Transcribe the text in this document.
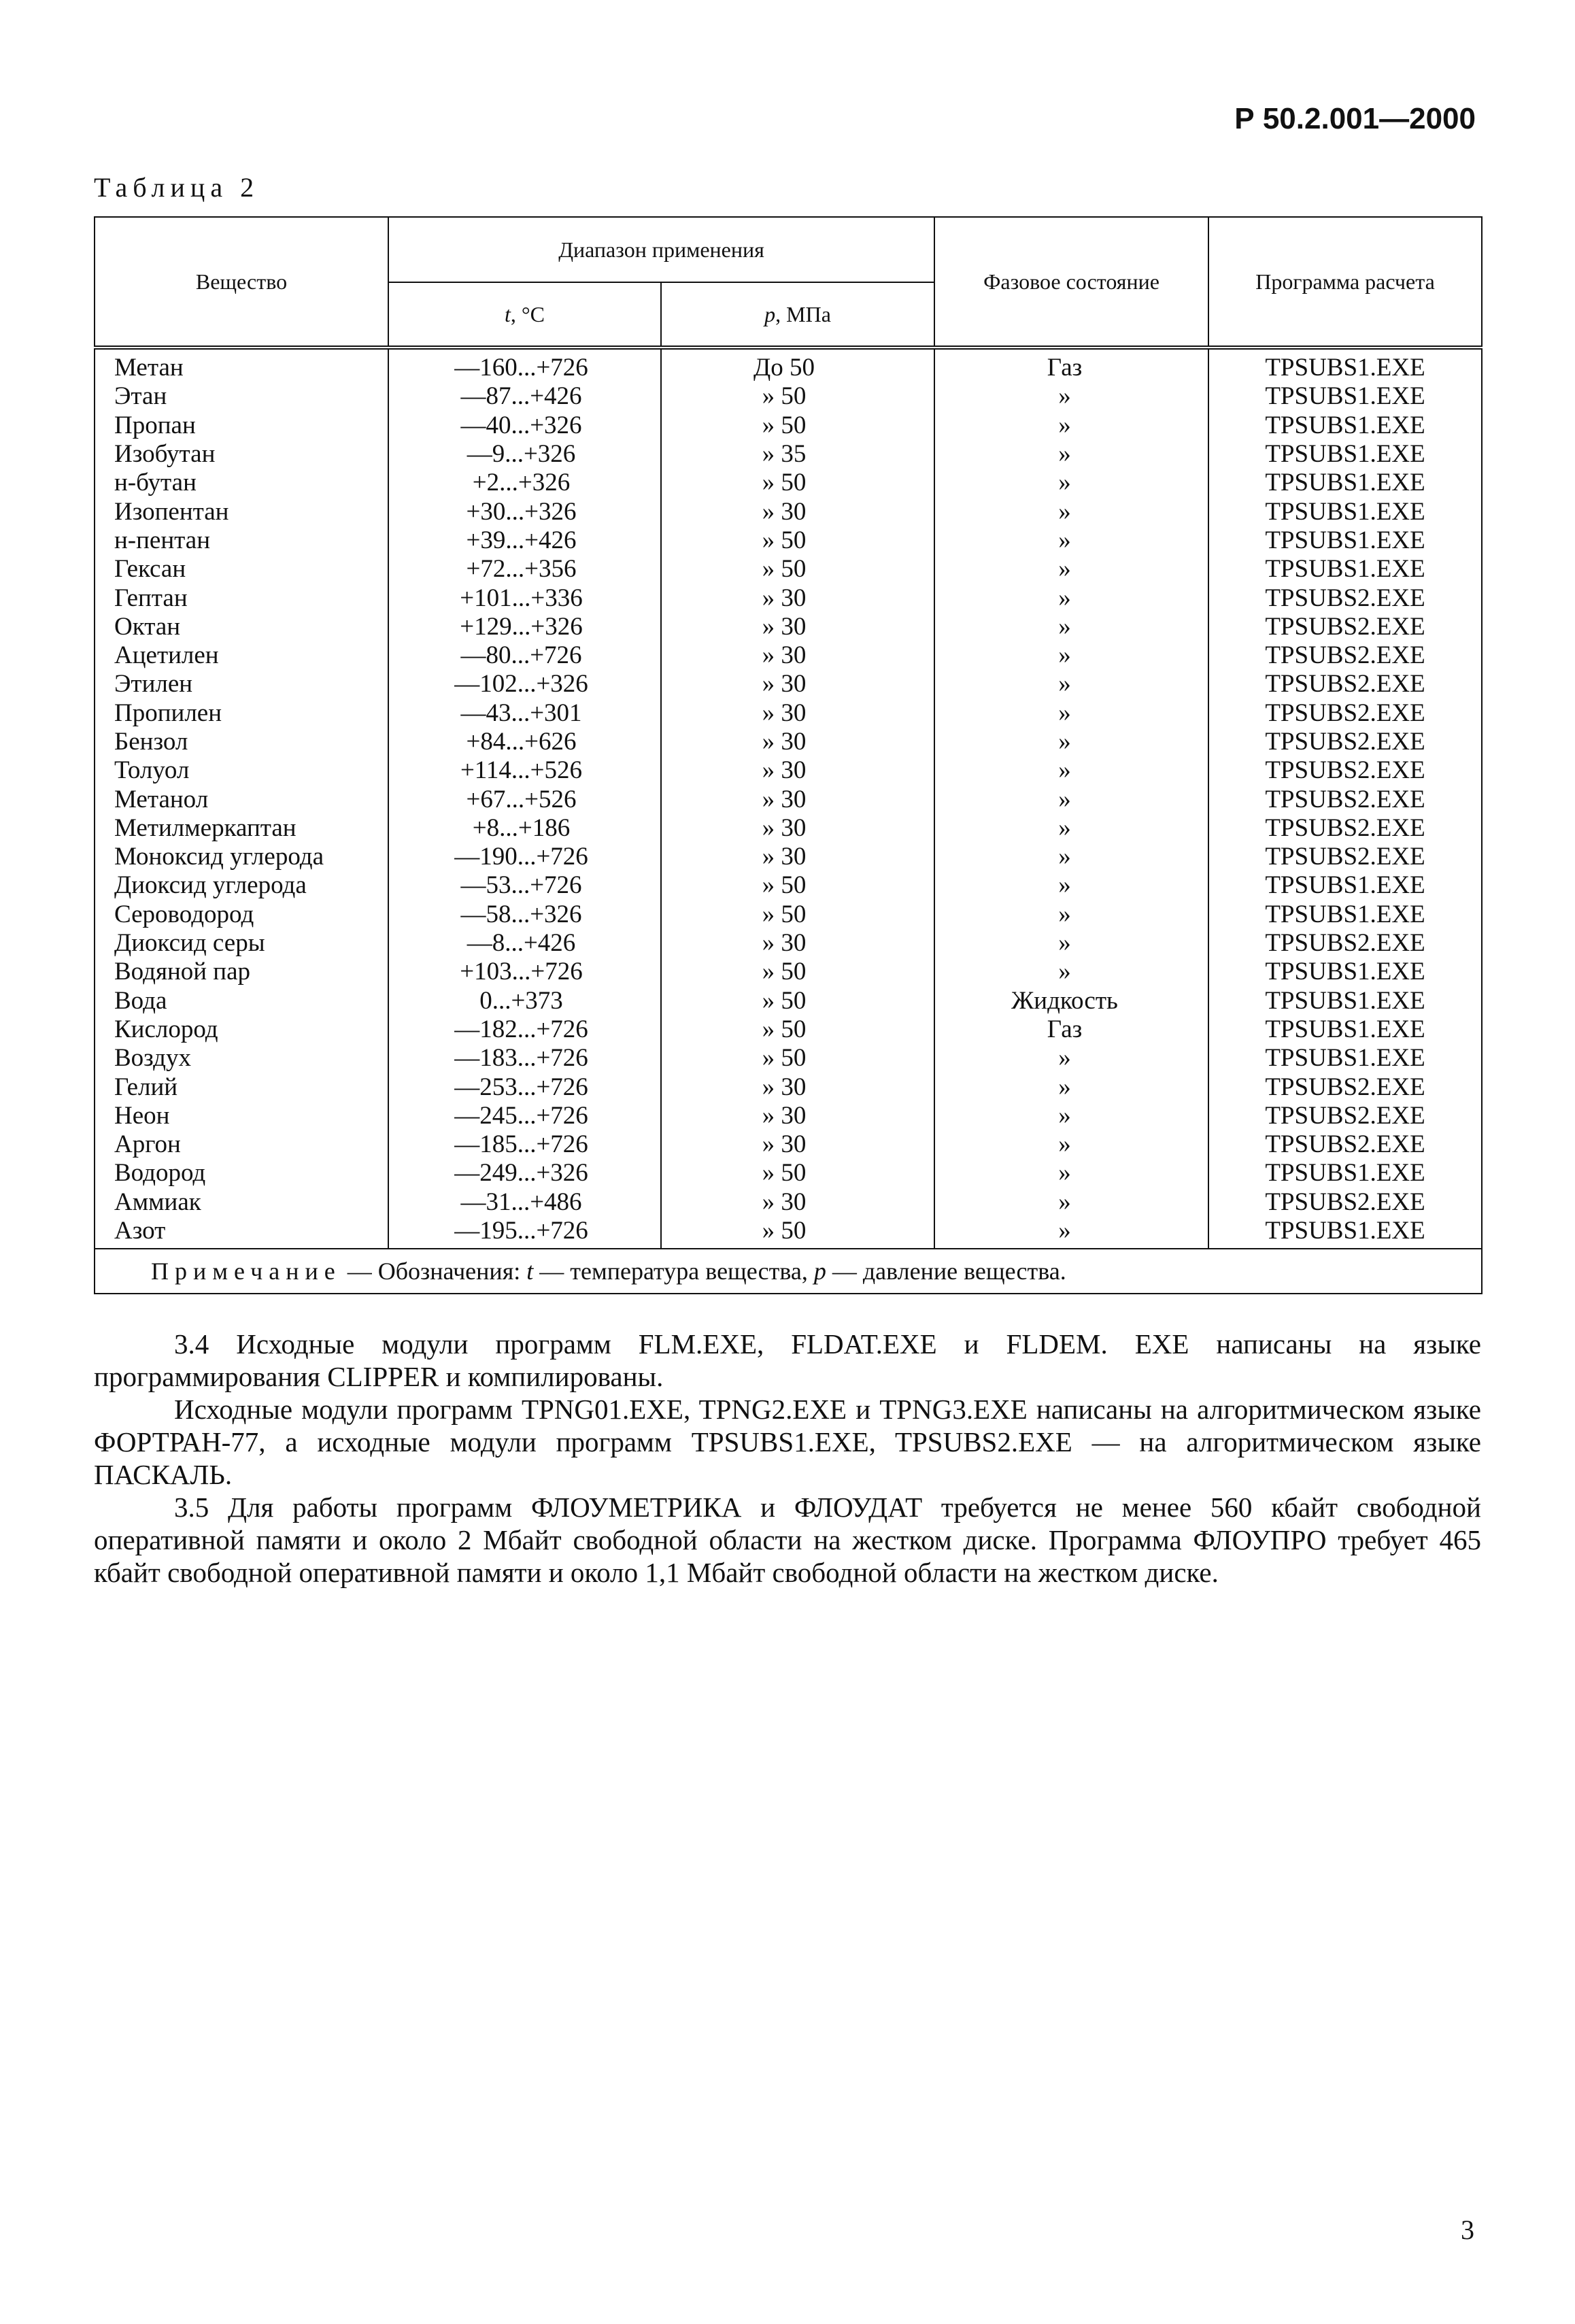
Р 50.2.001—2000
Таблица 2
Вещество	Диапазон применения		Фазовое состояние	Программа расчета
	t, °С	p, МПа		
Метан	—160...+726	До 50	Газ	TPSUBS1.EXE
Этан	—87...+426	» 50	»	TPSUBS1.EXE
Пропан	—40...+326	» 50	»	TPSUBS1.EXE
Изобутан	—9...+326	» 35	»	TPSUBS1.EXE
н-бутан	+2...+326	» 50	»	TPSUBS1.EXE
Изопентан	+30...+326	» 30	»	TPSUBS1.EXE
н-пентан	+39...+426	» 50	»	TPSUBS1.EXE
Гексан	+72...+356	» 50	»	TPSUBS1.EXE
Гептан	+101...+336	» 30	»	TPSUBS2.EXE
Октан	+129...+326	» 30	»	TPSUBS2.EXE
Ацетилен	—80...+726	» 30	»	TPSUBS2.EXE
Этилен	—102...+326	» 30	»	TPSUBS2.EXE
Пропилен	—43...+301	» 30	»	TPSUBS2.EXE
Бензол	+84...+626	» 30	»	TPSUBS2.EXE
Толуол	+114...+526	» 30	»	TPSUBS2.EXE
Метанол	+67...+526	» 30	»	TPSUBS2.EXE
Метилмеркаптан	+8...+186	» 30	»	TPSUBS2.EXE
Моноксид углерода	—190...+726	» 30	»	TPSUBS2.EXE
Диоксид углерода	—53...+726	» 50	»	TPSUBS1.EXE
Сероводород	—58...+326	» 50	»	TPSUBS1.EXE
Диоксид серы	—8...+426	» 30	»	TPSUBS2.EXE
Водяной пар	+103...+726	» 50	»	TPSUBS1.EXE
Вода	0...+373	» 50	Жидкость	TPSUBS1.EXE
Кислород	—182...+726	» 50	Газ	TPSUBS1.EXE
Воздух	—183...+726	» 50	»	TPSUBS1.EXE
Гелий	—253...+726	» 30	»	TPSUBS2.EXE
Неон	—245...+726	» 30	»	TPSUBS2.EXE
Аргон	—185...+726	» 30	»	TPSUBS2.EXE
Водород	—249...+326	» 50	»	TPSUBS1.EXE
Аммиак	—31...+486	» 30	»	TPSUBS2.EXE
Азот	—195...+726	» 50	»	TPSUBS1.EXE
Примечание — Обозначения: t — температура вещества, p — давление вещества.				

3.4 Исходные модули программ FLM.EXE, FLDAT.EXE и FLDEM. EXE написаны на языке программирования CLIPPER и компилированы.

Исходные модули программ TPNG01.EXE, TPNG2.EXE и TPNG3.EXE написаны на алгоритмическом языке ФОРТРАН-77, а исходные модули программ TPSUBS1.EXE, TPSUBS2.EXE — на алгоритмическом языке ПАСКАЛЬ.

3.5 Для работы программ ФЛОУМЕТРИКА и ФЛОУДАТ требуется не менее 560 кбайт свободной оперативной памяти и около 2 Мбайт свободной области на жестком диске. Программа ФЛОУПРО требует 465 кбайт свободной оперативной памяти и около 1,1 Мбайт свободной области на жестком диске.

3
